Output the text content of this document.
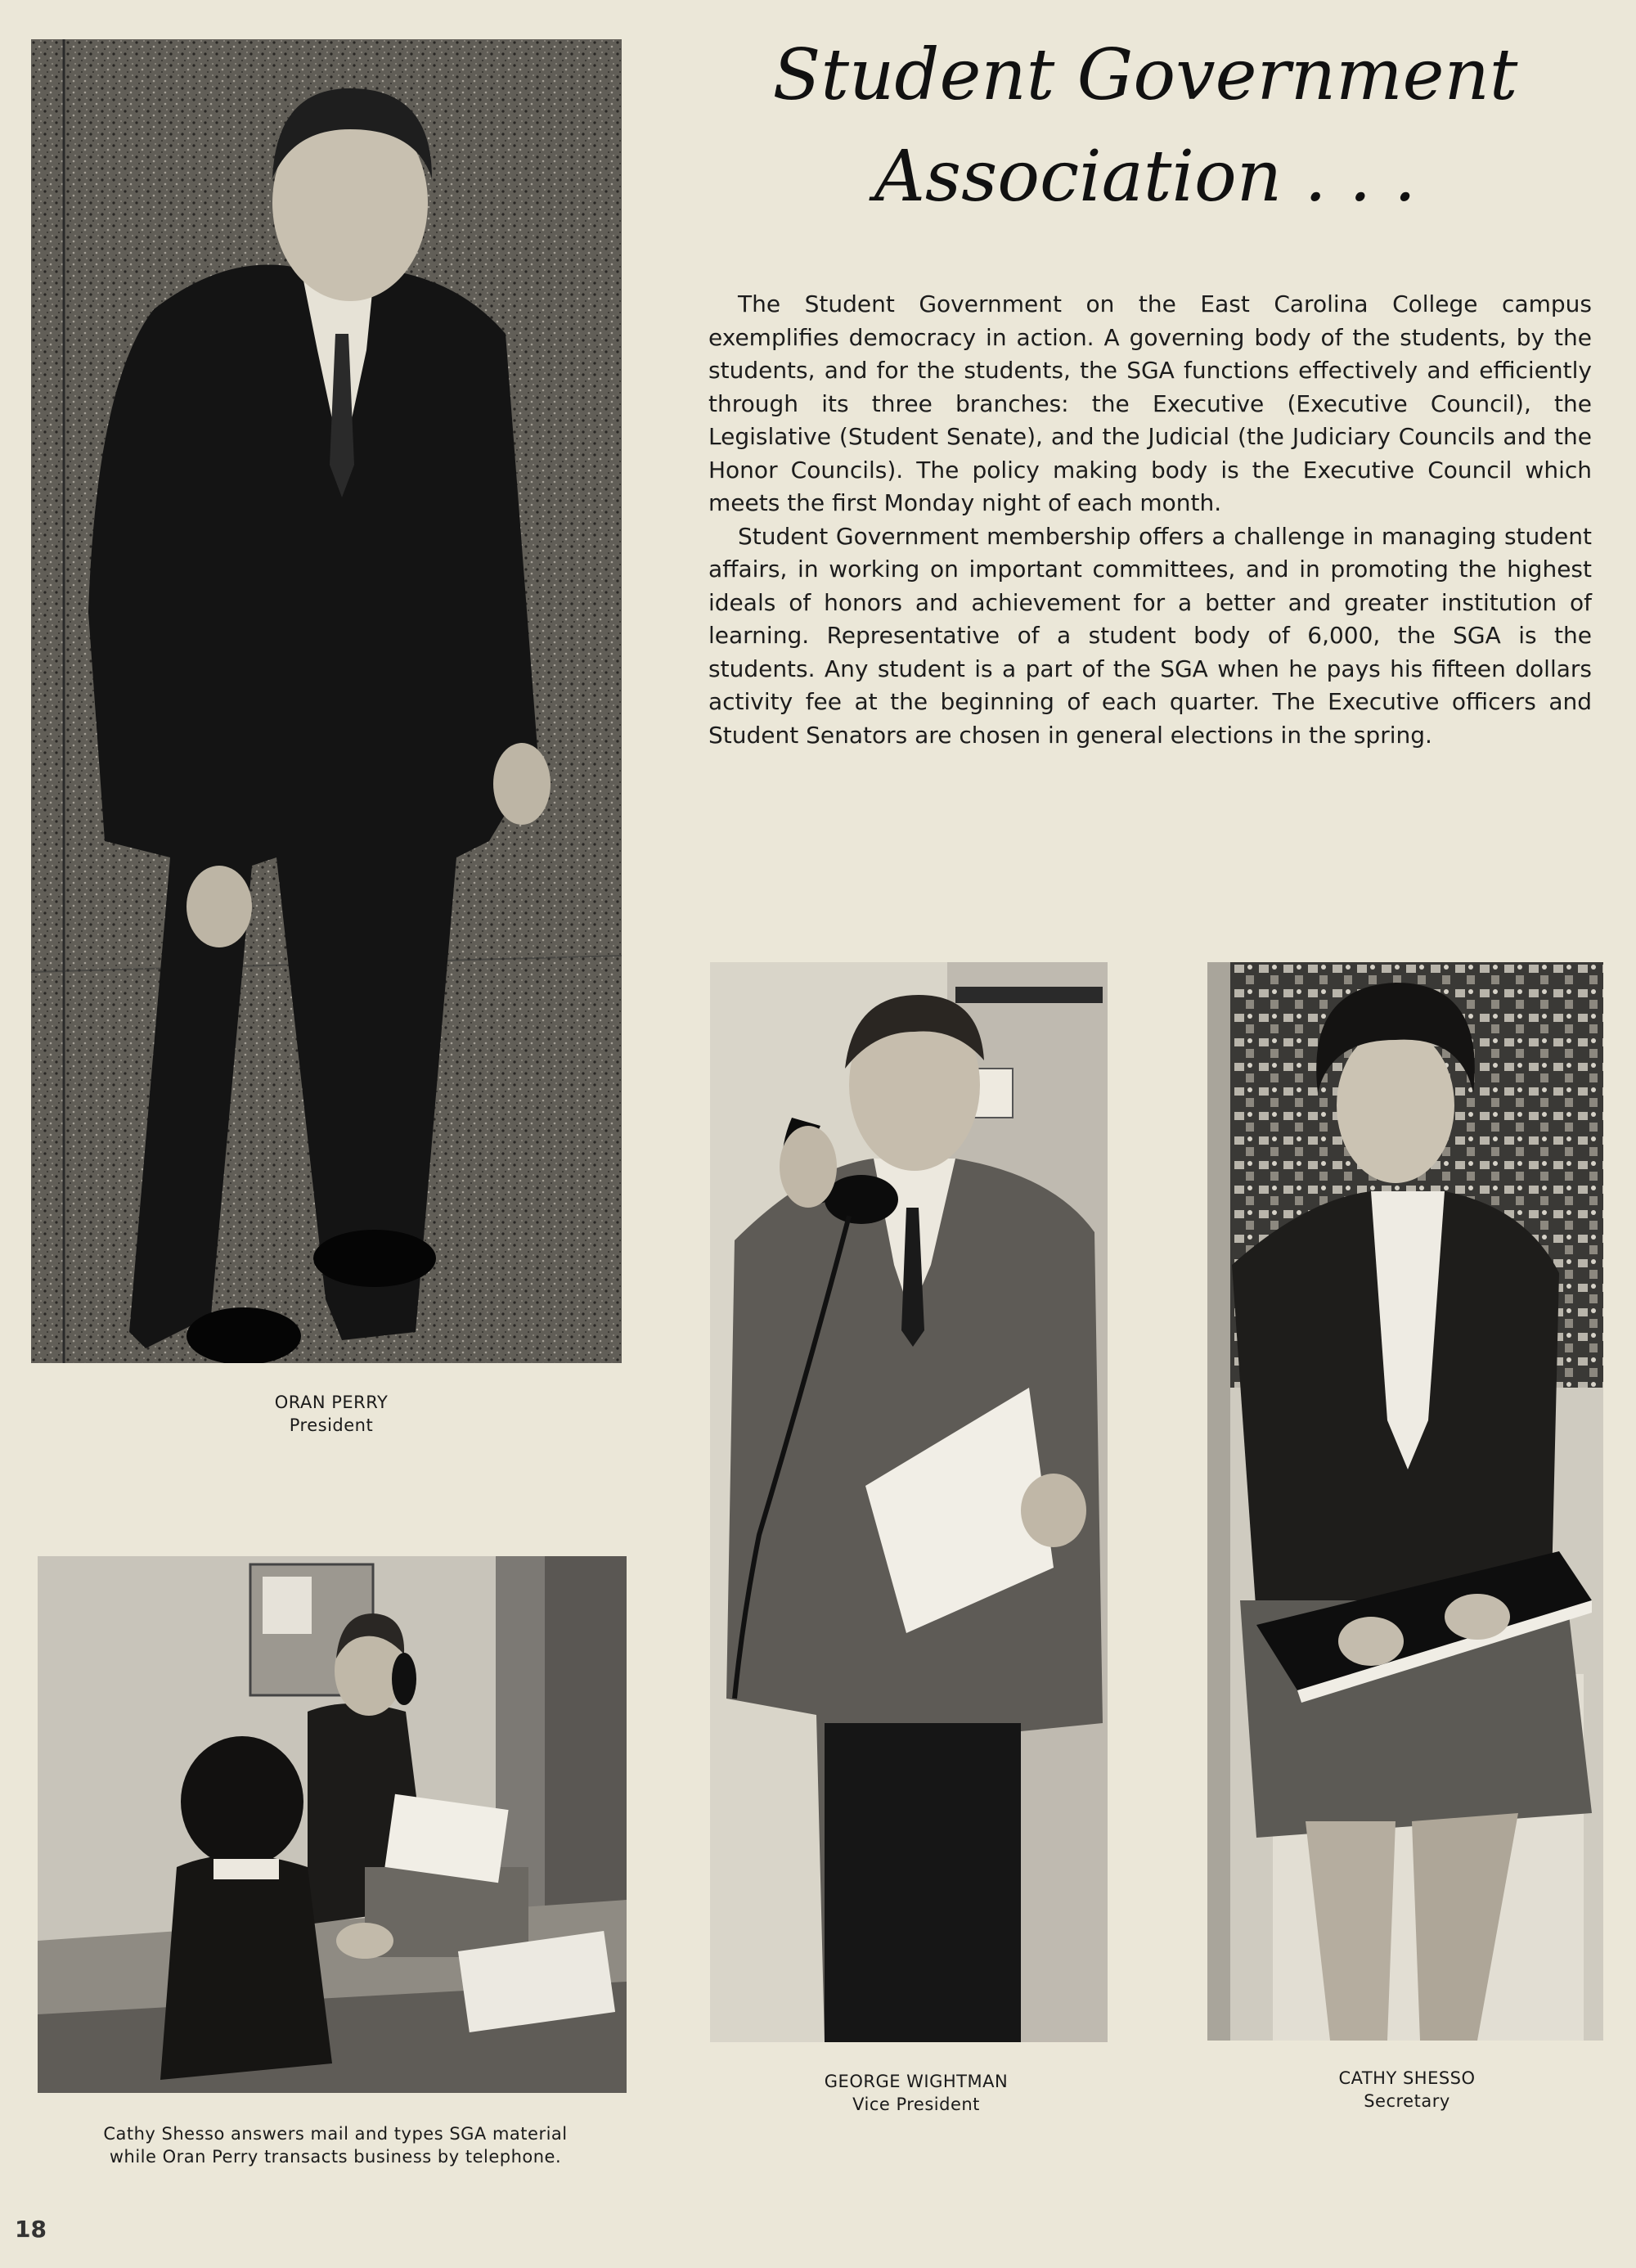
Student Government
Association . . .

The Student Government on the East Carolina College campus exemplifies democracy in action. A governing body of the students, by the students, and for the students, the SGA functions effectively and efficiently through its three branches: the Executive (Executive Council), the Legislative (Student Senate), and the Judicial (the Judiciary Councils and the Honor Councils). The policy making body is the Executive Council which meets the first Monday night of each month.

Student Government membership offers a challenge in managing student affairs, in working on important committees, and in promoting the highest ideals of honors and achievement for a better and greater institution of learning. Representative of a student body of 6,000, the SGA is the students. Any student is a part of the SGA when he pays his fifteen dollars activity fee at the beginning of each quarter. The Executive officers and Student Senators are chosen in general elections in the spring.

ORAN PERRY
President
GEORGE WIGHTMAN
Vice President
CATHY SHESSO
Secretary
Cathy Shesso answers mail and types SGA material
while Oran Perry transacts business by telephone.
18
